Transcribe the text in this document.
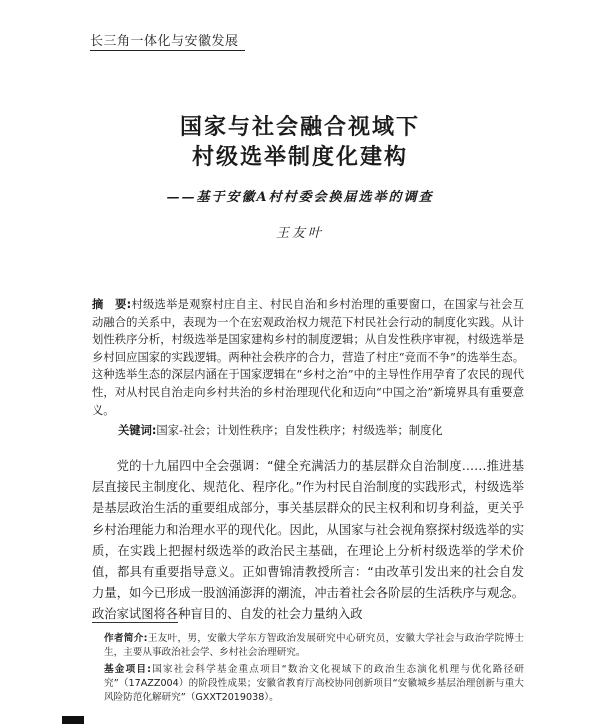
长三角一体化与安徽发展
国家与社会融合视域下
村级选举制度化建构
——基于安徽A村村委会换届选举的调查
王友叶
摘　要:村级选举是观察村庄自主、村民自治和乡村治理的重要窗口，在国家与社会互动融合的关系中，表现为一个在宏观政治权力规范下村民社会行动的制度化实践。从计划性秩序分析，村级选举是国家建构乡村的制度逻辑；从自发性秩序审视，村级选举是乡村回应国家的实践逻辑。两种社会秩序的合力，营造了村庄“竞而不争”的选举生态。这种选举生态的深层内涵在于国家逻辑在“乡村之治”中的主导性作用孕育了农民的现代性，对从村民自治走向乡村共治的乡村治理现代化和迈向“中国之治”新境界具有重要意义。
关键词:国家-社会；计划性秩序；自发性秩序；村级选举；制度化
党的十九届四中全会强调：“健全充满活力的基层群众自治制度……推进基层直接民主制度化、规范化、程序化。”作为村民自治制度的实践形式，村级选举是基层政治生活的重要组成部分，事关基层群众的民主权利和切身利益，更关乎乡村治理能力和治理水平的现代化。因此，从国家与社会视角察探村级选举的实质，在实践上把握村级选举的政治民主基础，在理论上分析村级选举的学术价值，都具有重要指导意义。正如曹锦清教授所言：“由改革引发出来的社会自发力量，如今已形成一股汹涌澎湃的潮流，冲击着社会各阶层的生活秩序与观念。政治家试图将各种盲目的、自发的社会力量纳入政

作者简介:王友叶，男，安徽大学东方智政治发展研究中心研究员，安徽大学社会与政治学院博士生，主要从事政治社会学、乡村社会治理研究。

基金项目:国家社会科学基金重点项目“数治文化视域下的政治生态演化机理与优化路径研究”（17AZZ004）的阶段性成果；安徽省教育厅高校协同创新项目“安徽城乡基层治理创新与重大风险防范化解研究”（GXXT2019038）。
